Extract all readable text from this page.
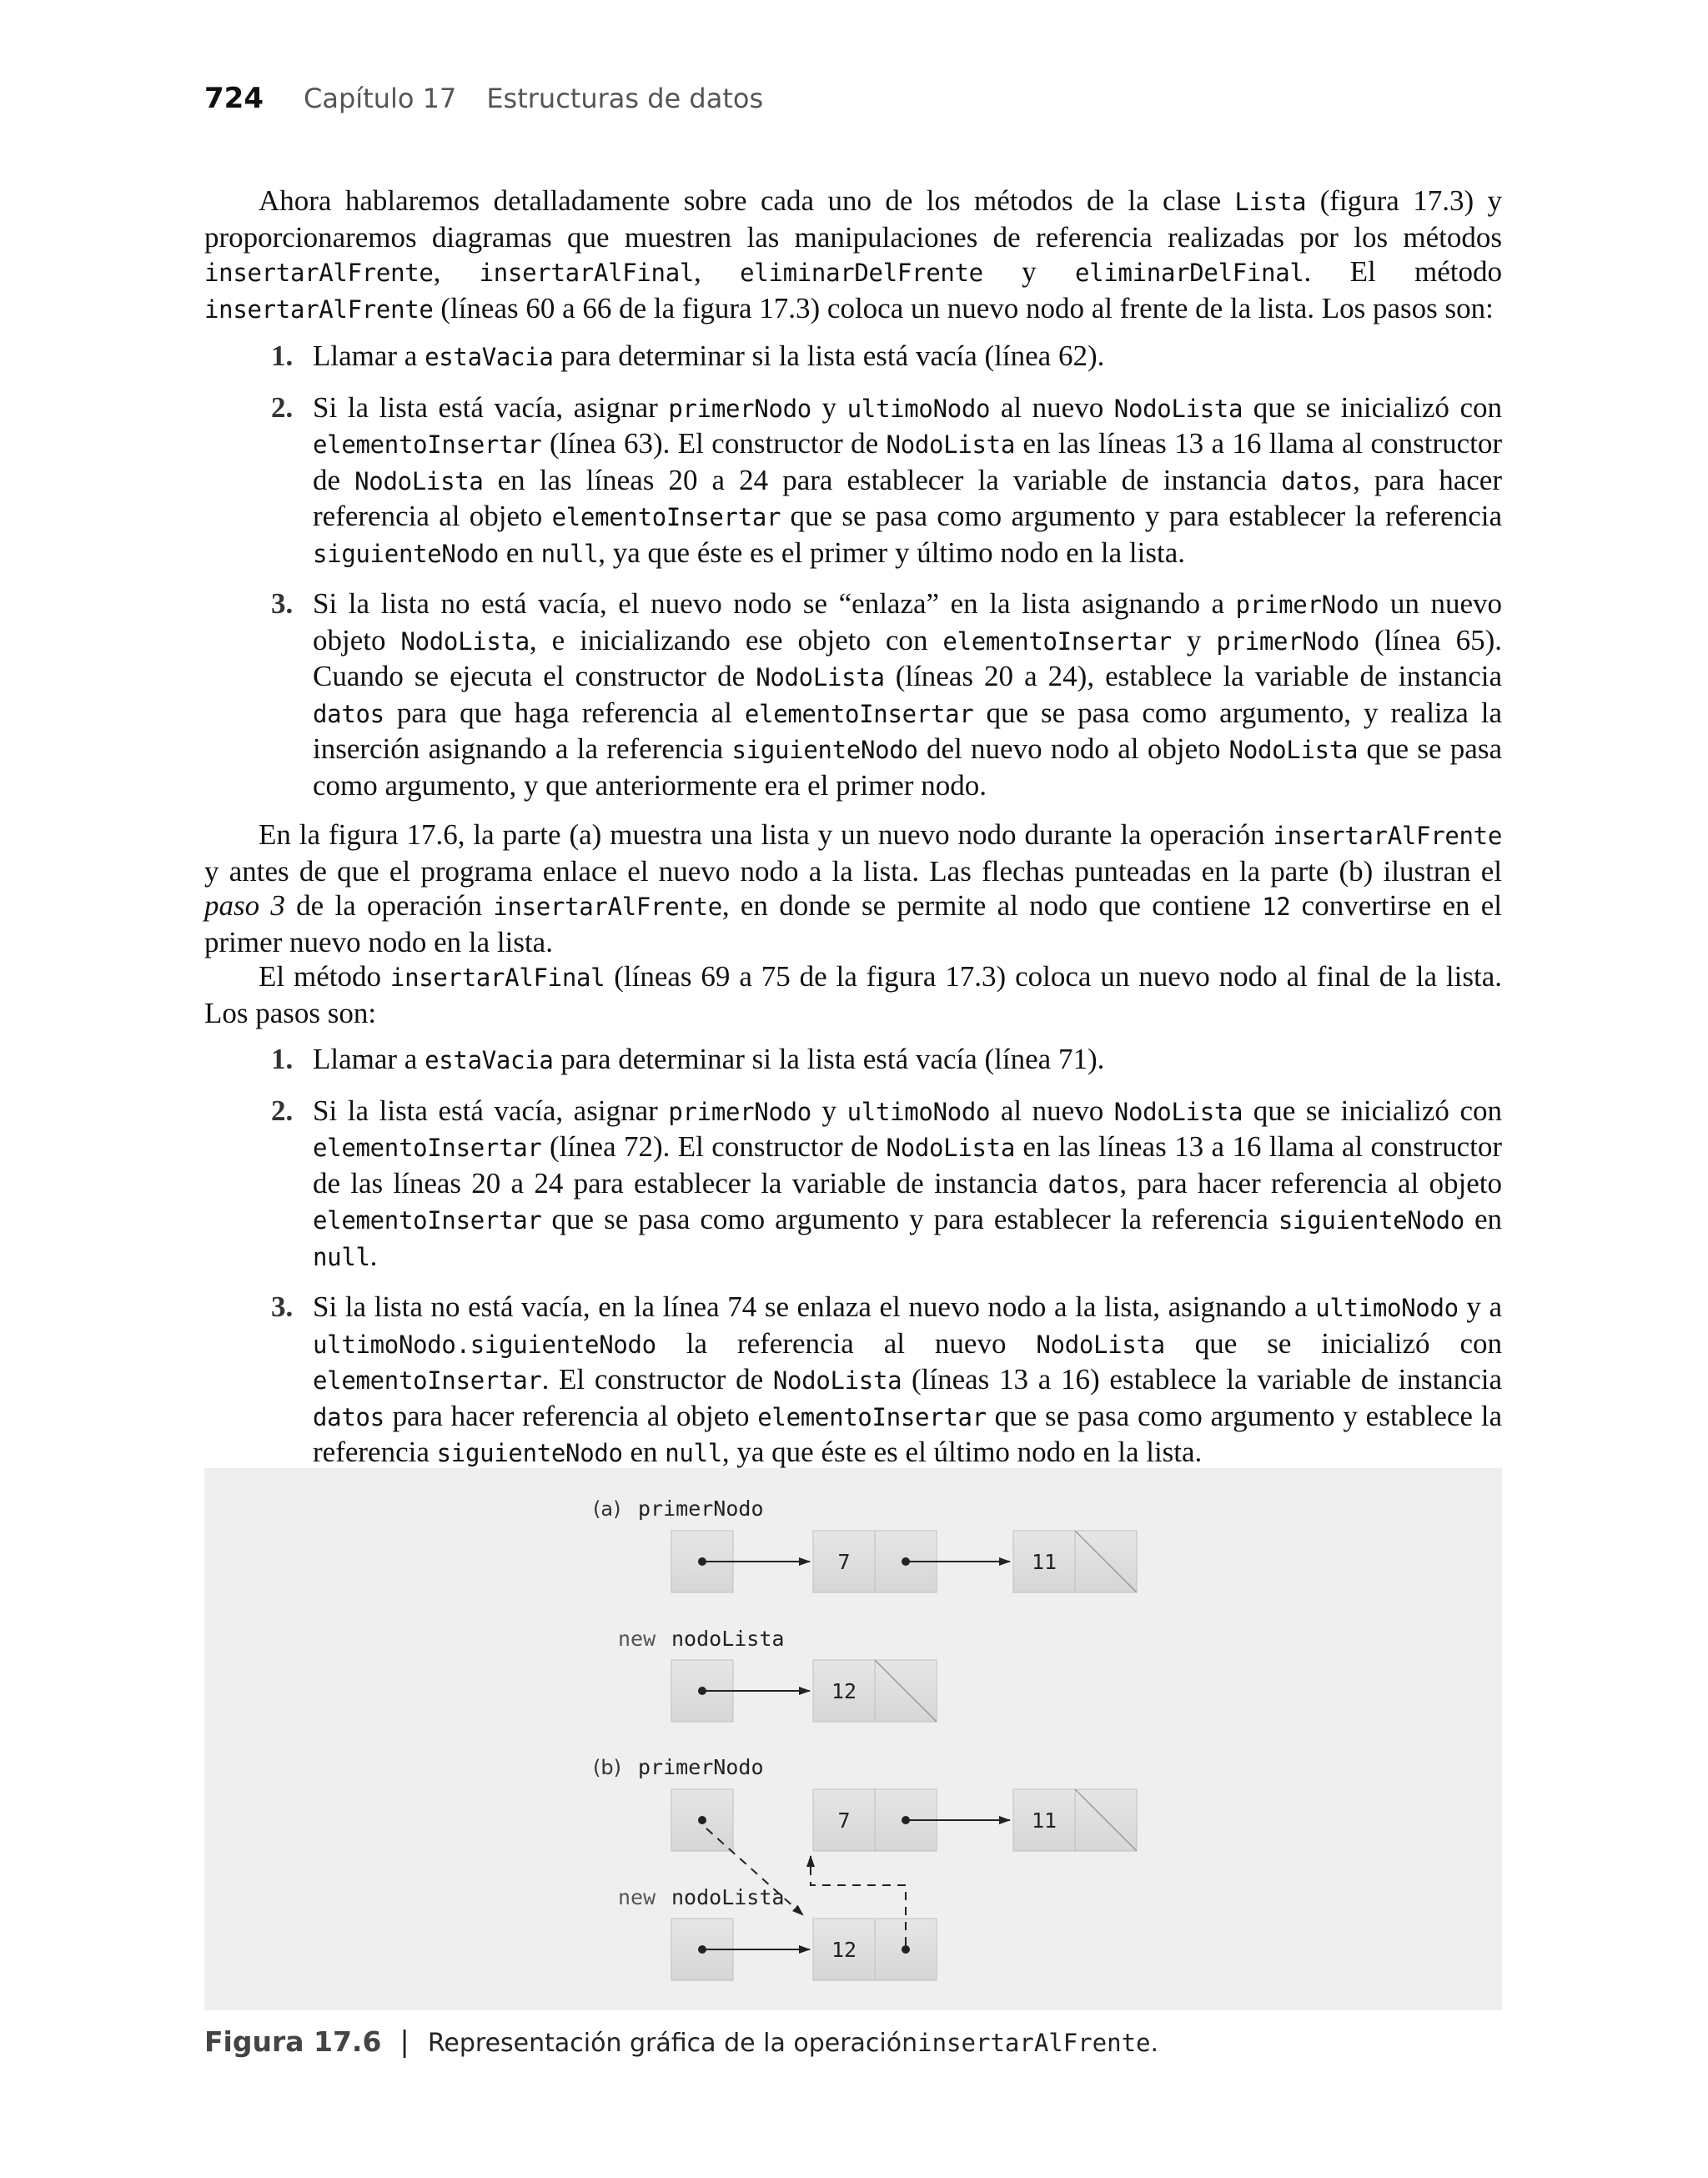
724 Capítulo 17 Estructuras de datos

Ahora hablaremos detalladamente sobre cada uno de los métodos de la clase Lista (figura 17.3) y proporcionaremos diagramas que muestren las manipulaciones de referencia realizadas por los métodos insertarAlFrente, insertarAlFinal, eliminarDelFrente y eliminarDelFinal. El método insertarAlFrente (líneas 60 a 66 de la figura 17.3) coloca un nuevo nodo al frente de la lista. Los pasos son:

1. Llamar a estaVacia para determinar si la lista está vacía (línea 62).
2. Si la lista está vacía, asignar primerNodo y ultimoNodo al nuevo NodoLista que se inicializó con elementoInsertar (línea 63). El constructor de NodoLista en las líneas 13 a 16 llama al constructor de NodoLista en las líneas 20 a 24 para establecer la variable de instancia datos, para hacer referencia al objeto elementoInsertar que se pasa como argumento y para establecer la referencia siguienteNodo en null, ya que éste es el primer y último nodo en la lista.
3. Si la lista no está vacía, el nuevo nodo se “enlaza” en la lista asignando a primerNodo un nuevo objeto NodoLista, e inicializando ese objeto con elementoInsertar y primerNodo (línea 65). Cuando se ejecuta el constructor de NodoLista (líneas 20 a 24), establece la variable de instancia datos para que haga referencia al elementoInsertar que se pasa como argumento, y realiza la inserción asignando a la referencia siguienteNodo del nuevo nodo al objeto NodoLista que se pasa como argumento, y que anteriormente era el primer nodo.

En la figura 17.6, la parte (a) muestra una lista y un nuevo nodo durante la operación insertarAlFrente y antes de que el programa enlace el nuevo nodo a la lista. Las flechas punteadas en la parte (b) ilustran el paso 3 de la operación insertarAlFrente, en donde se permite al nodo que contiene 12 convertirse en el primer nuevo nodo en la lista.

El método insertarAlFinal (líneas 69 a 75 de la figura 17.3) coloca un nuevo nodo al final de la lista. Los pasos son:

1. Llamar a estaVacia para determinar si la lista está vacía (línea 71).
2. Si la lista está vacía, asignar primerNodo y ultimoNodo al nuevo NodoLista que se inicializó con elementoInsertar (línea 72). El constructor de NodoLista en las líneas 13 a 16 llama al constructor de las líneas 20 a 24 para establecer la variable de instancia datos, para hacer referencia al objeto elementoInsertar que se pasa como argumento y para establecer la referencia siguienteNodo en null.
3. Si la lista no está vacía, en la línea 74 se enlaza el nuevo nodo a la lista, asignando a ultimoNodo y a ultimoNodo.siguienteNodo la referencia al nuevo NodoLista que se inicializó con elementoInsertar. El constructor de NodoLista (líneas 13 a 16) establece la variable de instancia datos para hacer referencia al objeto elementoInsertar que se pasa como argumento y establece la referencia siguienteNodo en null, ya que éste es el último nodo en la lista.
(a) primerNodo
7	11
new nodoLista
12
(b) primerNodo
7	11
new nodoLista
12
Figura 17.6 | Representación gráfica de la operación insertarAlFrente .
